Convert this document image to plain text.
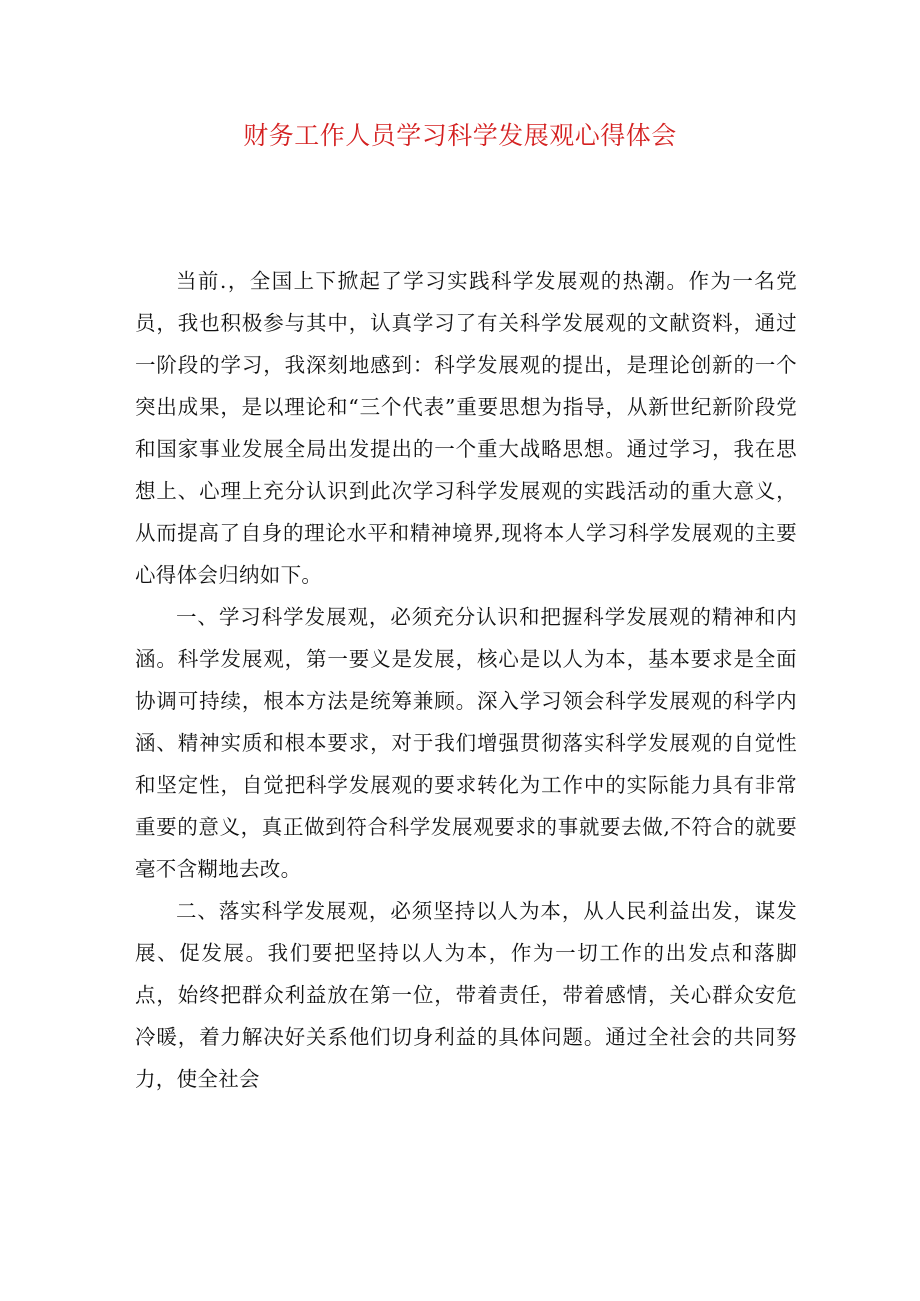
财务工作人员学习科学发展观心得体会

当前.，全国上下掀起了学习实践科学发展观的热潮。作为一名党员，我也积极参与其中，认真学习了有关科学发展观的文献资料，通过一阶段的学习，我深刻地感到：科学发展观的提出，是理论创新的一个突出成果，是以理论和“三个代表”重要思想为指导，从新世纪新阶段党和国家事业发展全局出发提出的一个重大战略思想。通过学习，我在思想上、心理上充分认识到此次学习科学发展观的实践活动的重大意义，从而提高了自身的理论水平和精神境界,现将本人学习科学发展观的主要心得体会归纳如下。

一、学习科学发展观，必须充分认识和把握科学发展观的精神和内涵。科学发展观，第一要义是发展，核心是以人为本，基本要求是全面协调可持续，根本方法是统筹兼顾。深入学习领会科学发展观的科学内涵、精神实质和根本要求，对于我们增强贯彻落实科学发展观的自觉性和坚定性，自觉把科学发展观的要求转化为工作中的实际能力具有非常重要的意义，真正做到符合科学发展观要求的事就要去做,不符合的就要毫不含糊地去改。

二、落实科学发展观，必须坚持以人为本，从人民利益出发，谋发展、促发展。我们要把坚持以人为本，作为一切工作的出发点和落脚点，始终把群众利益放在第一位，带着责任，带着感情，关心群众安危冷暖，着力解决好关系他们切身利益的具体问题。通过全社会的共同努力，使全社会
